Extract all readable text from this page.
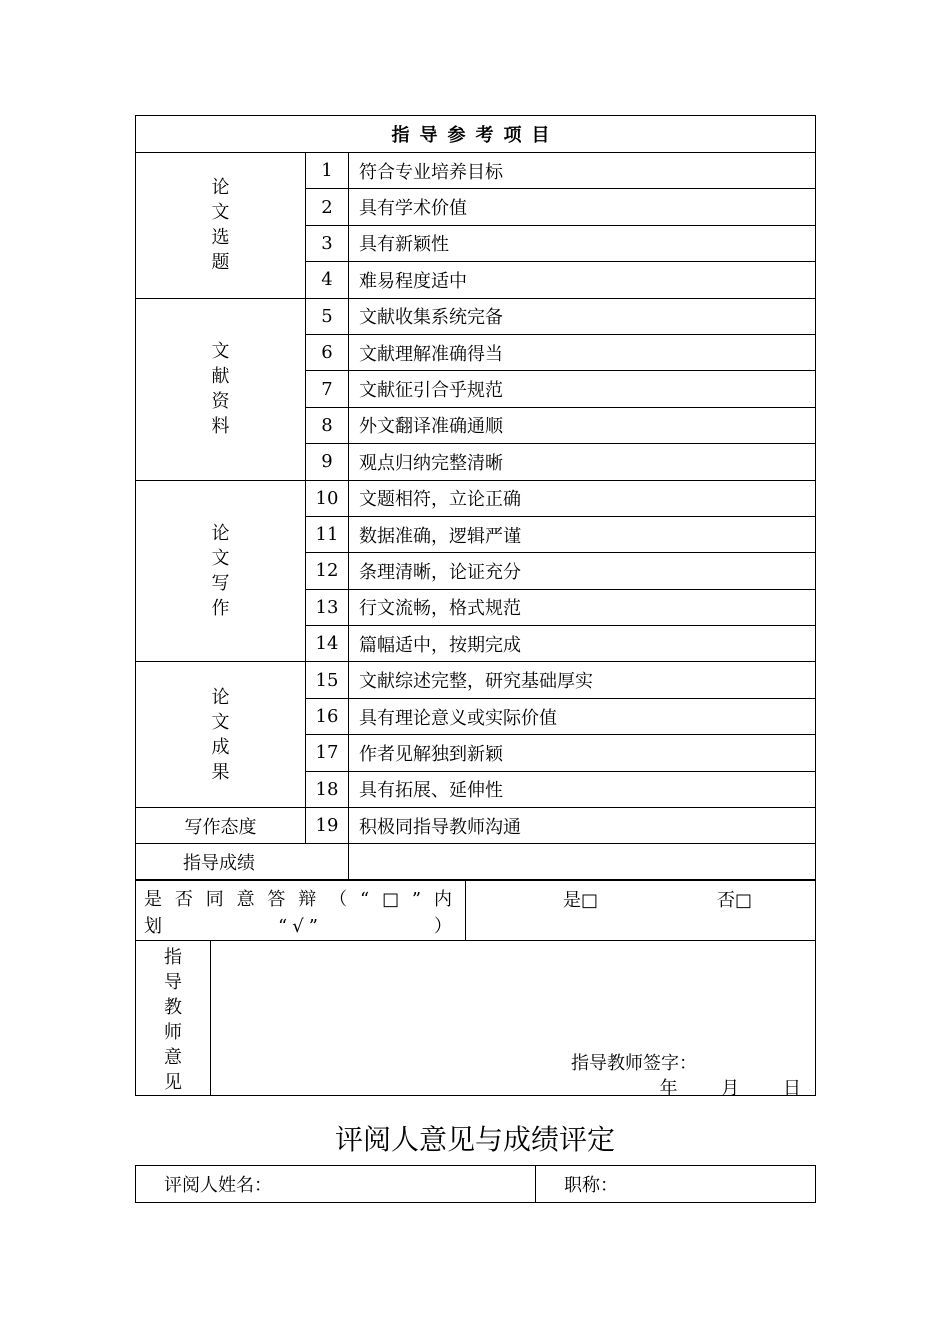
指导参考项目		
论文选题	1	符合专业培养目标
	2	具有学术价值
	3	具有新颖性
	4	难易程度适中
文献资料	5	文献收集系统完备
	6	文献理解准确得当
	7	文献征引合乎规范
	8	外文翻译准确通顺
	9	观点归纳完整清晰
论文写作	10	文题相符，立论正确
	11	数据准确，逻辑严谨
	12	条理清晰，论证充分
	13	行文流畅，格式规范
	14	篇幅适中，按期完成
论文成果	15	文献综述完整，研究基础厚实
	16	具有理论意义或实际价值
	17	作者见解独到新颖
	18	具有拓展、延伸性
写作态度	19	积极同指导教师沟通
指导成绩		
是否同意答辩（“□”内划“√”）	
是□	否□
指导教师意见	
指导教师签字：
年 月 日
评阅人意见与成绩评定
评阅人姓名：	职称：
